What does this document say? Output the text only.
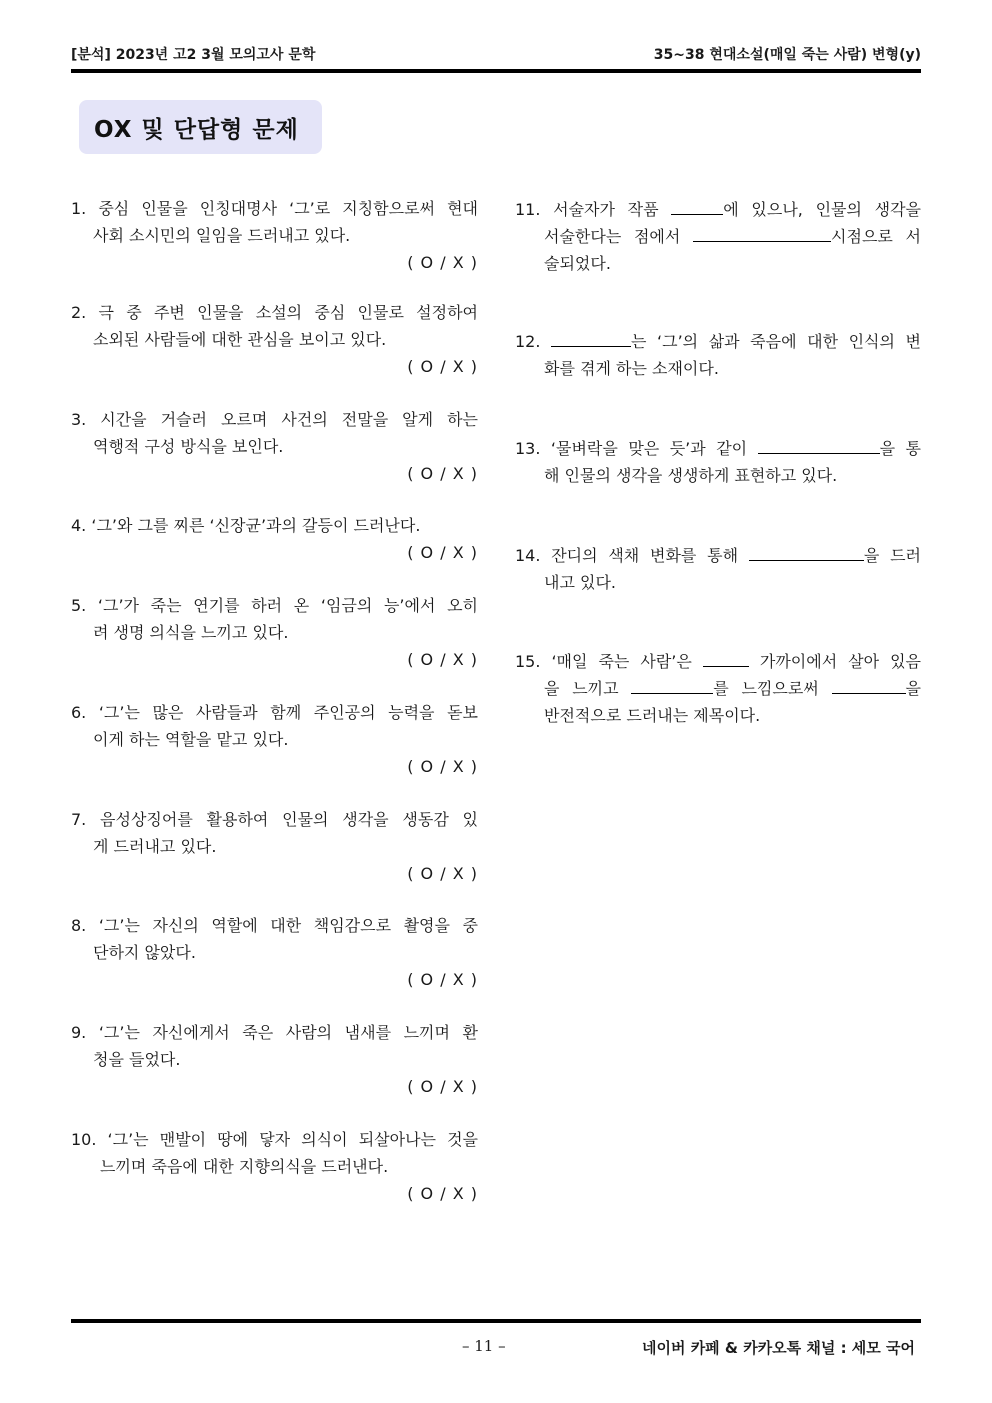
[분석] 2023년 고2 3월 모의고사 문학	35~38 현대소설(매일 죽는 사람) 변형(y)
OX 및 단답형 문제
1. 중심 인물을 인칭대명사 ‘그’로 지칭함으로써 현대
사회 소시민의 일임을 드러내고 있다.
( O / X )
2. 극 중 주변 인물을 소설의 중심 인물로 설정하여
소외된 사람들에 대한 관심을 보이고 있다.
( O / X )
3. 시간을 거슬러 오르며 사건의 전말을 알게 하는
역행적 구성 방식을 보인다.
( O / X )
4. ‘그’와 그를 찌른 ‘신장균’과의 갈등이 드러난다.
( O / X )
5. ‘그’가 죽는 연기를 하러 온 ‘임금의 능’에서 오히
려 생명 의식을 느끼고 있다.
( O / X )
6. ‘그’는 많은 사람들과 함께 주인공의 능력을 돋보
이게 하는 역할을 맡고 있다.
( O / X )
7. 음성상징어를 활용하여 인물의 생각을 생동감 있
게 드러내고 있다.
( O / X )
8. ‘그’는 자신의 역할에 대한 책임감으로 촬영을 중
단하지 않았다.
( O / X )
9. ‘그’는 자신에게서 죽은 사람의 냄새를 느끼며 환
청을 들었다.
( O / X )
10. ‘그’는 맨발이 땅에 닿자 의식이 되살아나는 것을
느끼며 죽음에 대한 지향의식을 드러낸다.
( O / X )
11. 서술자가 작품	에 있으나, 인물의 생각을
서술한다는 점에서	시점으로 서
술되었다.
12.	는 ‘그’의 삶과 죽음에 대한 인식의 변
화를 겪게 하는 소재이다.
13. ‘물벼락을 맞은 듯’과 같이	을 통
해 인물의 생각을 생생하게 표현하고 있다.
14. 잔디의 색채 변화를 통해	을 드러
내고 있다.
15. ‘매일 죽는 사람’은	가까이에서 살아 있음
을 느끼고	를 느낌으로써	을
반전적으로 드러내는 제목이다.
– 11 –	네이버 카페 & 카카오톡 채널 : 세모 국어
